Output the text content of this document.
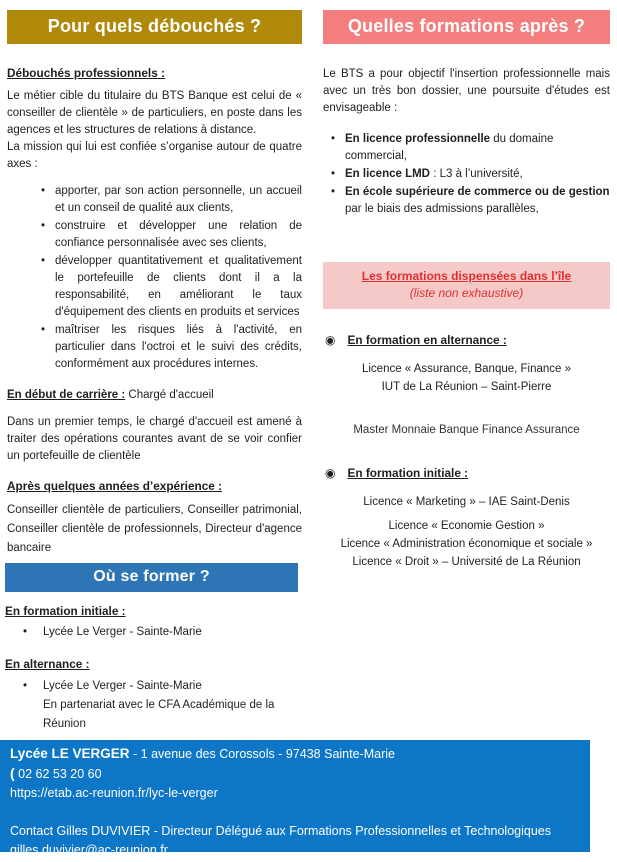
Pour quels débouchés ?
Débouchés professionnels :
Le métier cible du titulaire du BTS Banque est celui de « conseiller de clientèle » de particuliers, en poste dans les agences et les structures de relations à distance.
La mission qui lui est confiée s’organise autour de quatre axes :
• apporter, par son action personnelle, un accueil et un conseil de qualité aux clients,
• construire et développer une relation de confiance personnalisée avec ses clients,
• développer quantitativement et qualitativement le portefeuille de clients dont il a la responsabilité, en améliorant le taux d'équipement des clients en produits et services
• maîtriser les risques liés à l'activité, en particulier dans l'octroi et le suivi des crédits, conformément aux procédures internes.
En début de carrière : Chargé d'accueil
Dans un premier temps, le chargé d'accueil est amené à traiter des opérations courantes avant de se voir confier un portefeuille de clientèle
Après quelques années d’expérience :
Conseiller clientèle de particuliers, Conseiller patrimonial, Conseiller clientèle de professionnels, Directeur d'agence bancaire
Quelles formations après ?
Le BTS a pour objectif l'insertion professionnelle mais avec un très bon dossier, une poursuite d'études est envisageable :
• En licence professionnelle du domaine commercial,
• En licence LMD : L3 à l’université,
• En école supérieure de commerce ou de gestion par le biais des admissions parallèles,
Les formations dispensées dans l’île
(liste non exhaustive)
◉ En formation en alternance :
Licence « Assurance, Banque, Finance »
IUT de La Réunion – Saint-Pierre
Master Monnaie Banque Finance Assurance
◉ En formation initiale :
Licence « Marketing » – IAE Saint-Denis
Licence « Economie Gestion »
Licence « Administration économique et sociale »
Licence « Droit » – Université de La Réunion
Où se former ?
En formation initiale :
• Lycée Le Verger - Sainte-Marie
En alternance :
• Lycée Le Verger - Sainte-Marie
En partenariat avec le CFA Académique de la Réunion
Lycée LE VERGER - 1 avenue des Corossols - 97438 Sainte-Marie
( 02 62 53 20 60
https://etab.ac-reunion.fr/lyc-le-verger
Contact Gilles DUVIVIER - Directeur Délégué aux Formations Professionnelles et Technologiques
gilles.duvivier@ac-reunion.fr
